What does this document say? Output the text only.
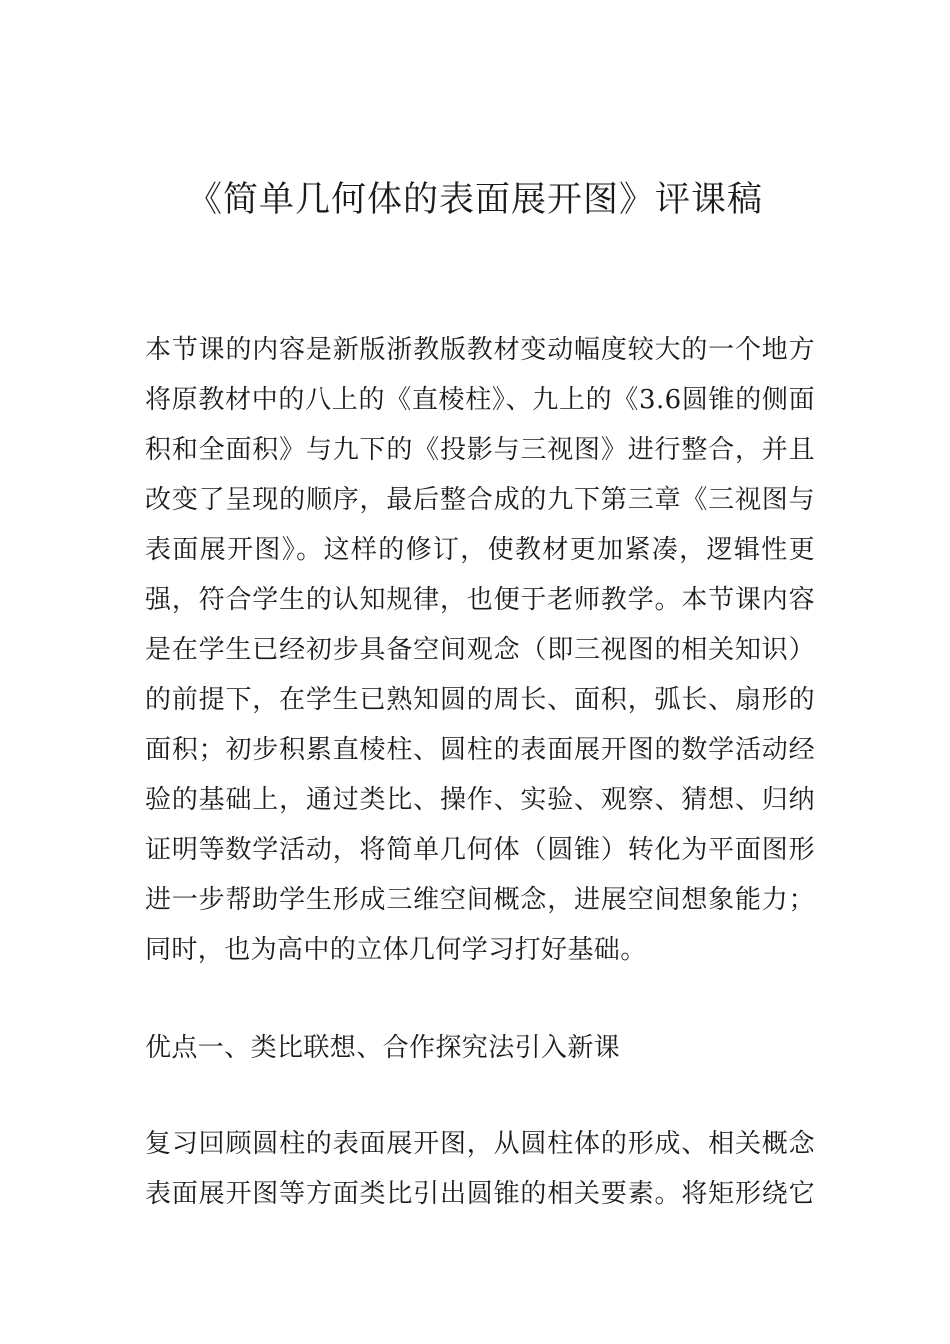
《简单几何体的表面展开图》评课稿
本节课的内容是新版浙教版教材变动幅度较大的一个地方
将原教材中的八上的《直棱柱》、九上的《3.6圆锥的侧面
积和全面积》与九下的《投影与三视图》进行整合，并且
改变了呈现的顺序，最后整合成的九下第三章《三视图与
表面展开图》。这样的修订，使教材更加紧凑，逻辑性更
强，符合学生的认知规律，也便于老师教学。本节课内容
是在学生已经初步具备空间观念（即三视图的相关知识）
的前提下，在学生已熟知圆的周长、面积，弧长、扇形的
面积；初步积累直棱柱、圆柱的表面展开图的数学活动经
验的基础上，通过类比、操作、实验、观察、猜想、归纳
证明等数学活动，将简单几何体（圆锥）转化为平面图形
进一步帮助学生形成三维空间概念，进展空间想象能力；
同时，也为高中的立体几何学习打好基础。
优点一、类比联想、合作探究法引入新课
复习回顾圆柱的表面展开图，从圆柱体的形成、相关概念
表面展开图等方面类比引出圆锥的相关要素。将矩形绕它
